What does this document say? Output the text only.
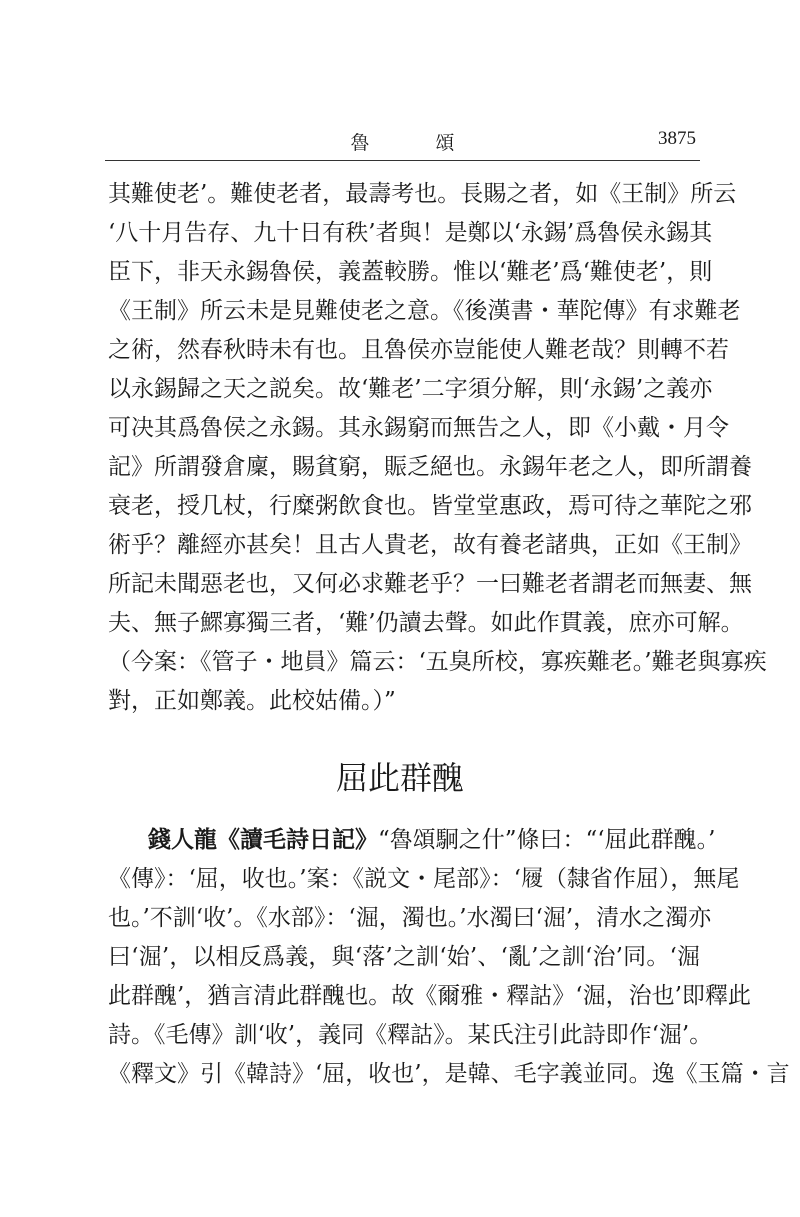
魯 頌	3875
其難使老’。難使老者，最壽考也。長賜之者，如《王制》所云
‘八十月告存、九十日有秩’者與！是鄭以‘永錫’爲魯侯永錫其
臣下，非天永錫魯侯，義蓋較勝。惟以‘難老’爲‘難使老’，則
《王制》所云未是見難使老之意。《後漢書・華陀傳》有求難老
之術，然春秋時未有也。且魯侯亦豈能使人難老哉？則轉不若
以永錫歸之天之説矣。故‘難老’二字須分解，則‘永錫’之義亦
可决其爲魯侯之永錫。其永錫窮而無告之人，即《小戴・月令
記》所謂發倉廩，賜貧窮，賑乏絕也。永錫年老之人，即所謂養
衰老，授几杖，行糜粥飲食也。皆堂堂惠政，焉可待之華陀之邪
術乎？離經亦甚矣！且古人貴老，故有養老諸典，正如《王制》
所記未聞惡老也，又何必求難老乎？一曰難老者謂老而無妻、無
夫、無子鰥寡獨三者，‘難’仍讀去聲。如此作貫義，庶亦可解。
（今案：《管子・地員》篇云：‘五臭所校，寡疾難老。’難老與寡疾
對，正如鄭義。此校姑備。）”
屈此群醜
錢人龍《讀毛詩日記》“魯頌駉之什”條曰：“‘屈此群醜。’
《傳》：‘屈，收也。’案：《説文・尾部》：‘𡳐（隸省作屈），無尾
也。’不訓‘收’。《水部》：‘淈，濁也。’水濁曰‘淈’，清水之濁亦
曰‘淈’，以相反爲義，與‘落’之訓‘始’、‘亂’之訓‘治’同。‘淈
此群醜’，猶言清此群醜也。故《爾雅・釋詁》‘淈，治也’即釋此
詩。《毛傳》訓‘收’，義同《釋詁》。某氏注引此詩即作‘淈’。
《釋文》引《韓詩》‘屈，收也’，是韓、毛字義並同。逸《玉篇・言
